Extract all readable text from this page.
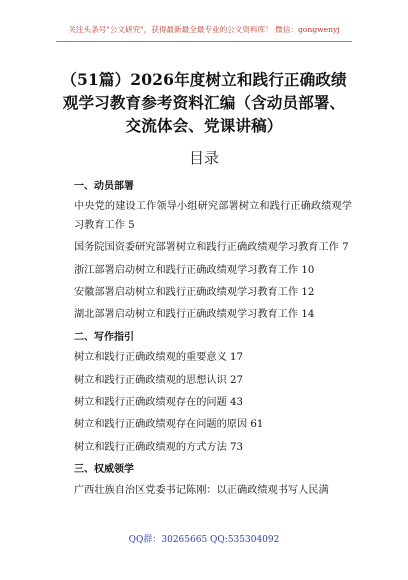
关注头条号"公文研究"，获得最新最全最专业的公文资料库！ 微信：gongwenyj
（51篇）2026年度树立和践行正确政绩观学习教育参考资料汇编（含动员部署、交流体会、党课讲稿）
目录
一、动员部署
中央党的建设工作领导小组研究部署树立和践行正确政绩观学习教育工作 5
国务院国资委研究部署树立和践行正确政绩观学习教育工作 7
浙江部署启动树立和践行正确政绩观学习教育工作 10
安徽部署启动树立和践行正确政绩观学习教育工作 12
湖北部署启动树立和践行正确政绩观学习教育工作 14
二、写作指引
树立和践行正确政绩观的重要意义 17
树立和践行正确政绩观的思想认识 27
树立和践行正确政绩观存在的问题 43
树立和践行正确政绩观存在问题的原因 61
树立和践行正确政绩观的方式方法 73
三、权威领学
广西壮族自治区党委书记陈刚：以正确政绩观书写人民满
QQ群：30265665 QQ:535304092
